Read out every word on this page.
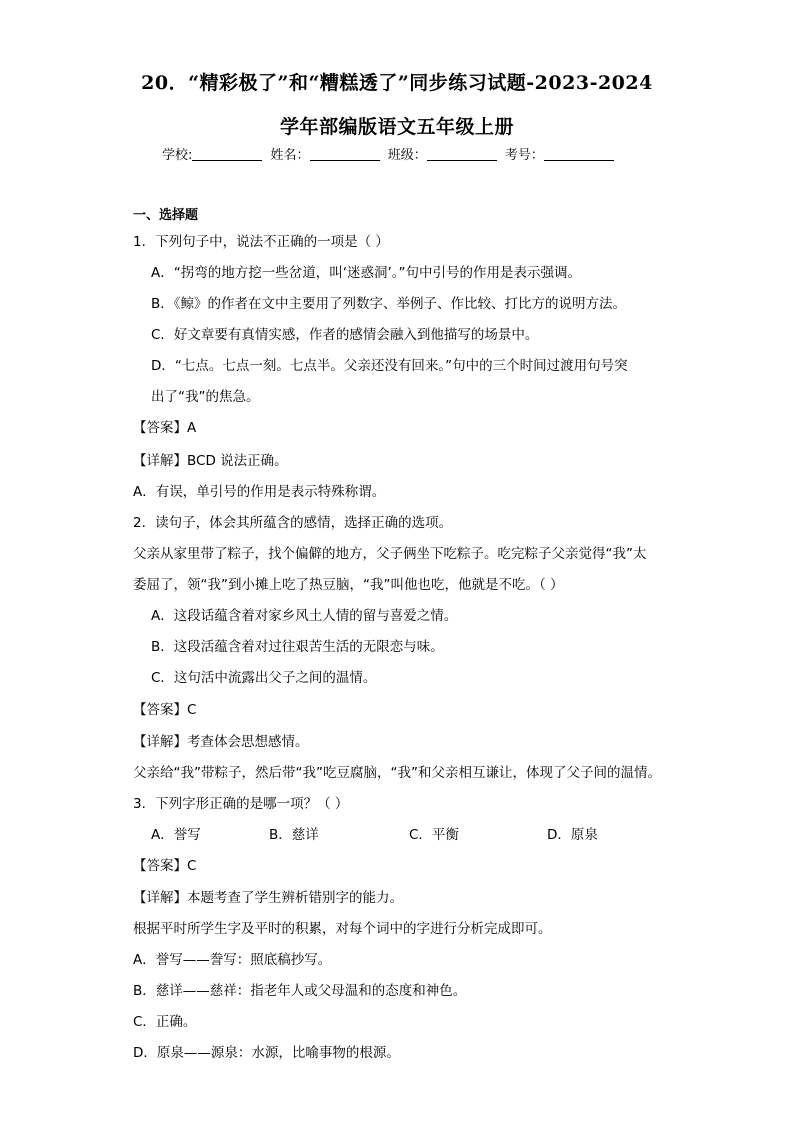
20．“精彩极了”和“糟糕透了”同步练习试题-2023-2024
学年部编版语文五年级上册
学校:	姓名：	班级：	考号：
一、选择题
1．下列句子中，说法不正确的一项是（ ）
A．“拐弯的地方挖一些岔道，叫‘迷惑洞’。”句中引号的作用是表示强调。
B．《鲸》的作者在文中主要用了列数字、举例子、作比较、打比方的说明方法。
C．好文章要有真情实感，作者的感情会融入到他描写的场景中。
D．“七点。七点一刻。七点半。父亲还没有回来。”句中的三个时间过渡用句号突
出了“我”的焦急。
【答案】A
【详解】BCD 说法正确。
A．有误，单引号的作用是表示特殊称谓。
2．读句子，体会其所蕴含的感情，选择正确的选项。
父亲从家里带了粽子，找个偏僻的地方，父子俩坐下吃粽子。吃完粽子父亲觉得“我”太
委屈了，领“我”到小摊上吃了热豆脑，“我”叫他也吃，他就是不吃。（ ）
A．这段话蕴含着对家乡风土人情的留与喜爱之情。
B．这段活蕴含着对过往艰苦生活的无限恋与味。
C．这句活中流露出父子之间的温情。
【答案】C
【详解】考查体会思想感情。
父亲给“我”带粽子，然后带“我”吃豆腐脑，“我”和父亲相互谦让，体现了父子间的温情。
3．下列字形正确的是哪一项？（ ）
A．誉写	B．慈详	C．平衡	D．原泉
【答案】C
【详解】本题考查了学生辨析错别字的能力。
根据平时所学生字及平时的积累，对每个词中的字进行分析完成即可。
A．誉写——誊写：照底稿抄写。
B．慈详——慈祥：指老年人或父母温和的态度和神色。
C．正确。
D．原泉——源泉：水源，比喻事物的根源。
